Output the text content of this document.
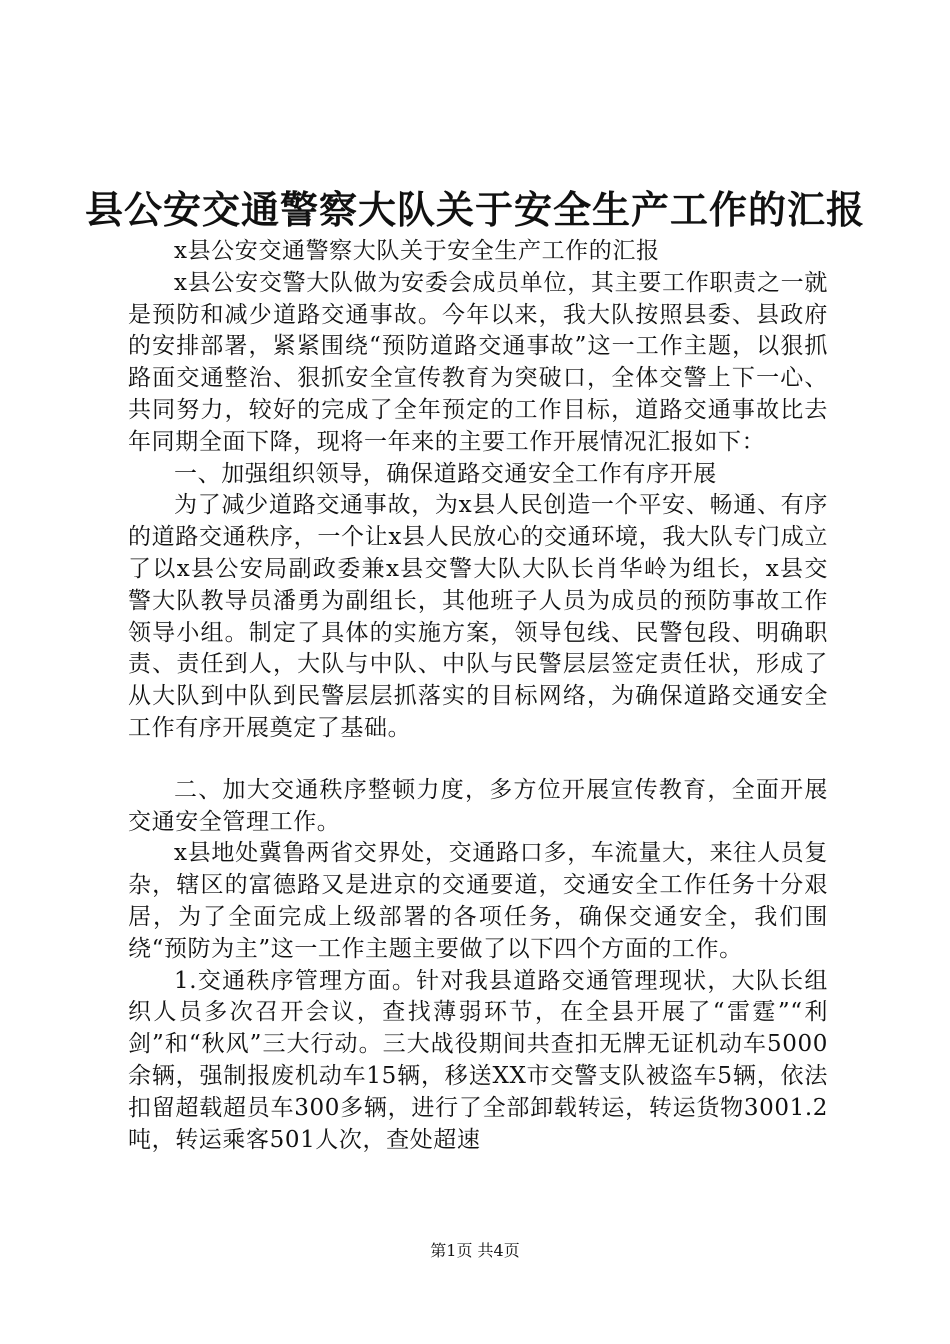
县公安交通警察大队关于安全生产工作的汇报

x县公安交通警察大队关于安全生产工作的汇报

x县公安交警大队做为安委会成员单位，其主要工作职责之一就是预防和减少道路交通事故。今年以来，我大队按照县委、县政府的安排部署，紧紧围绕“预防道路交通事故”这一工作主题，以狠抓路面交通整治、狠抓安全宣传教育为突破口，全体交警上下一心、共同努力，较好的完成了全年预定的工作目标，道路交通事故比去年同期全面下降，现将一年来的主要工作开展情况汇报如下：

一、加强组织领导，确保道路交通安全工作有序开展

为了减少道路交通事故，为x县人民创造一个平安、畅通、有序的道路交通秩序，一个让x县人民放心的交通环境，我大队专门成立了以x县公安局副政委兼x县交警大队大队长肖华岭为组长，x县交警大队教导员潘勇为副组长，其他班子人员为成员的预防事故工作领导小组。制定了具体的实施方案，领导包线、民警包段、明确职责、责任到人，大队与中队、中队与民警层层签定责任状，形成了从大队到中队到民警层层抓落实的目标网络，为确保道路交通安全工作有序开展奠定了基础。

二、加大交通秩序整顿力度，多方位开展宣传教育，全面开展交通安全管理工作。

x县地处冀鲁两省交界处，交通路口多，车流量大，来往人员复杂，辖区的富德路又是进京的交通要道，交通安全工作任务十分艰居，为了全面完成上级部署的各项任务，确保交通安全，我们围绕“预防为主”这一工作主题主要做了以下四个方面的工作。

1.交通秩序管理方面。针对我县道路交通管理现状，大队长组织人员多次召开会议，查找薄弱环节，在全县开展了“雷霆”“利剑”和“秋风”三大行动。三大战役期间共查扣无牌无证机动车5000余辆，强制报废机动车15辆，移送XX市交警支队被盗车5辆，依法扣留超载超员车300多辆，进行了全部卸载转运，转运货物3001.2吨，转运乘客501人次，查处超速

第1页 共4页
